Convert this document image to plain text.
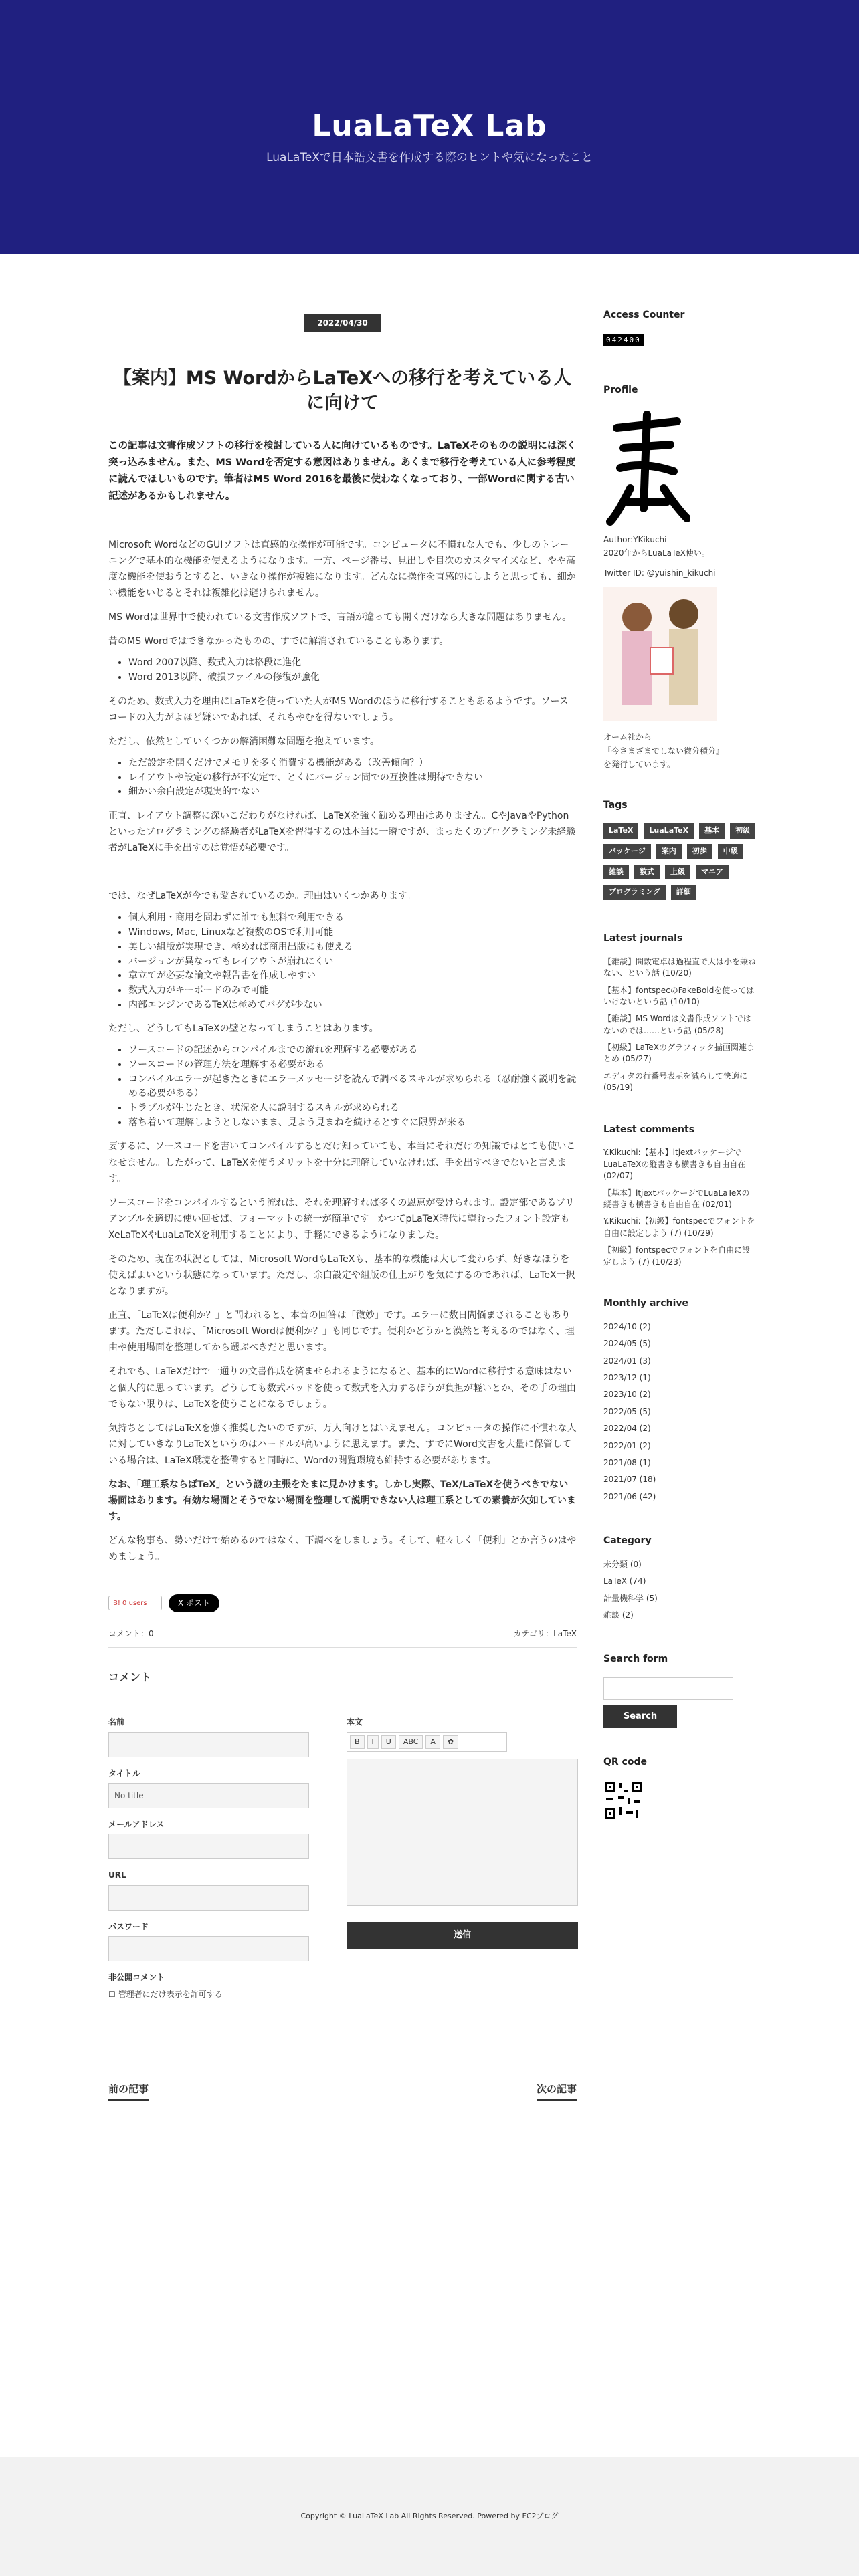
LuaLaTeX Lab

LuaLaTeXで日本語文書を作成する際のヒントや気になったこと

2022/04/30
【案内】MS WordからLaTeXへの移行を考えている人に向けて

この記事は文書作成ソフトの移行を検討している人に向けているものです。LaTeXそのものの説明には深く突っ込みません。また、MS Wordを否定する意図はありません。あくまで移行を考えている人に参考程度に読んでほしいものです。筆者はMS Word 2016を最後に使わなくなっており、一部Wordに関する古い記述があるかもしれません。

Microsoft WordなどのGUIソフトは直感的な操作が可能です。コンピュータに不慣れな人でも、少しのトレーニングで基本的な機能を使えるようになります。一方、ページ番号、見出しや目次のカスタマイズなど、やや高度な機能を使おうとすると、いきなり操作が複雑になります。どんなに操作を直感的にしようと思っても、細かい機能をいじるとそれは複雑化は避けられません。

MS Wordは世界中で使われている文書作成ソフトで、言語が違っても開くだけなら大きな問題はありません。

昔のMS Wordではできなかったものの、すでに解消されていることもあります。

• Word 2007以降、数式入力は格段に進化
• Word 2013以降、破損ファイルの修復が強化

そのため、数式入力を理由にLaTeXを使っていた人がMS Wordのほうに移行することもあるようです。ソースコードの入力がよほど嫌いであれば、それもやむを得ないでしょう。

ただし、依然としていくつかの解消困難な問題を抱えています。

• ただ設定を開くだけでメモリを多く消費する機能がある（改善傾向？）
• レイアウトや設定の移行が不安定で、とくにバージョン間での互換性は期待できない
• 細かい余白設定が現実的でない

正直、レイアウト調整に深いこだわりがなければ、LaTeXを強く勧める理由はありません。CやJavaやPythonといったプログラミングの経験者がLaTeXを習得するのは本当に一瞬ですが、まったくのプログラミング未経験者がLaTeXに手を出すのは覚悟が必要です。

では、なぜLaTeXが今でも愛されているのか。理由はいくつかあります。

• 個人利用・商用を問わずに誰でも無料で利用できる
• Windows, Mac, Linuxなど複数のOSで利用可能
• 美しい組版が実現でき、極めれば商用出版にも使える
• バージョンが異なってもレイアウトが崩れにくい
• 章立てが必要な論文や報告書を作成しやすい
• 数式入力がキーボードのみで可能
• 内部エンジンであるTeXは極めてバグが少ない

ただし、どうしてもLaTeXの壁となってしまうことはあります。

• ソースコードの記述からコンパイルまでの流れを理解する必要がある
• ソースコードの管理方法を理解する必要がある
• コンパイルエラーが起きたときにエラーメッセージを読んで調べるスキルが求められる（忍耐強く説明を読める必要がある）
• トラブルが生じたとき、状況を人に説明するスキルが求められる
• 落ち着いて理解しようとしないまま、見よう見まねを続けるとすぐに限界が来る

要するに、ソースコードを書いてコンパイルするとだけ知っていても、本当にそれだけの知識ではとても使いこなせません。したがって、LaTeXを使うメリットを十分に理解していなければ、手を出すべきでないと言えます。

ソースコードをコンパイルするという流れは、それを理解すれば多くの恩恵が受けられます。設定部であるプリアンブルを適切に使い回せば、フォーマットの統一が簡単です。かつてpLaTeX時代に望むったフォント設定もXeLaTeXやLuaLaTeXを利用することにより、手軽にできるようになりました。

そのため、現在の状況としては、Microsoft WordもLaTeXも、基本的な機能は大して変わらず、好きなほうを使えばよいという状態になっています。ただし、余白設定や組版の仕上がりを気にするのであれば、LaTeX一択となりますが。

正直、「LaTeXは便利か？」と問われると、本音の回答は「微妙」です。エラーに数日間悩まされることもあります。ただしこれは、「Microsoft Wordは便利か？」も同じです。便利かどうかと漠然と考えるのではなく、理由や使用場面を整理してから選ぶべきだと思います。

それでも、LaTeXだけで一通りの文書作成を済ませられるようになると、基本的にWordに移行する意味はないと個人的に思っています。どうしても数式パッドを使って数式を入力するほうが負担が軽いとか、その手の理由でもない限りは、LaTeXを使うことになるでしょう。

気持ちとしてはLaTeXを強く推奨したいのですが、万人向けとはいえません。コンピュータの操作に不慣れな人に対していきなりLaTeXというのはハードルが高いように思えます。また、すでにWord文書を大量に保管している場合は、LaTeX環境を整備すると同時に、Wordの閲覧環境も維持する必要があります。

なお、「理工系ならばTeX」という謎の主張をたまに見かけます。しかし実際、TeX/LaTeXを使うべきでない場面はあります。有効な場面とそうでない場面を整理して説明できない人は理工系としての素養が欠如しています。

どんな物事も、勢いだけで始めるのではなく、下調べをしましょう。そして、軽々しく「便利」とか言うのはやめましょう。

B! 0 users	X ポスト
コメント：0	カテゴリ：LaTeX
コメント
名前
タイトル
No title
メールアドレス
URL
パスワード
非公開コメント
☐ 管理者にだけ表示を許可する
本文
B	I	U	ABC	A	✿
送信
前の記事	次の記事
Access Counter
042400
Profile
Author:YKikuchi
2020年からLuaLaTeX使い。
Twitter ID: @yuishin_kikuchi
オーム社から
『今さまざまでしない微分積分』
を発行しています。
Tags
LaTeX	LuaLaTeX	基本	初級
パッケージ	案内	初歩	中級
雑談	数式	上級	マニア
プログラミング	詳細
Latest journals
【雑談】間数電卓は過程直で大は小を兼ねない、という話 (10/20)
【基本】fontspecのFakeBoldを使ってはいけないという話 (10/10)
【雑談】MS Wordは文書作成ソフトではないのでは……という話 (05/28)
【初級】LaTeXのグラフィック描画関連まとめ (05/27)
エディタの行番号表示を減らして快適に (05/19)
Latest comments
Y.Kikuchi:【基本】ltjextパッケージでLuaLaTeXの縦書きも横書きも自由自在 (02/07)
【基本】ltjextパッケージでLuaLaTeXの縦書きも横書きも自由自在 (02/01)
Y.Kikuchi:【初級】fontspecでフォントを自由に設定しよう (7) (10/29)
【初級】fontspecでフォントを自由に設定しよう (7) (10/23)
Monthly archive
2024/10 (2)
2024/05 (5)
2024/01 (3)
2023/12 (1)
2023/10 (2)
2022/05 (5)
2022/04 (2)
2022/01 (2)
2021/08 (1)
2021/07 (18)
2021/06 (42)
Category
未分類 (0)
LaTeX (74)
計量機科学 (5)
雑談 (2)
Search form
Search
QR code
Copyright © LuaLaTeX Lab All Rights Reserved. Powered by FC2ブログ
